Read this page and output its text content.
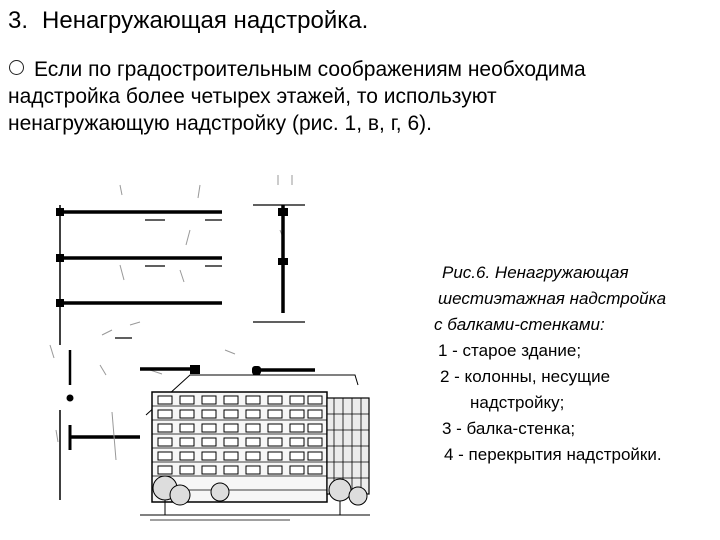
3. Ненагружающая надстройка.
Если по градостроительным соображениям необходима
надстройка более четырех этажей, то используют
ненагружающую надстройку (рис. 1, в, г, 6).
Рис.6. Ненагружающая
шестиэтажная надстройка
с балками-стенками:
1 - старое здание;
2 - колонны, несущие
надстройку;
3 - балка-стенка;
4 - перекрытия надстройки.
